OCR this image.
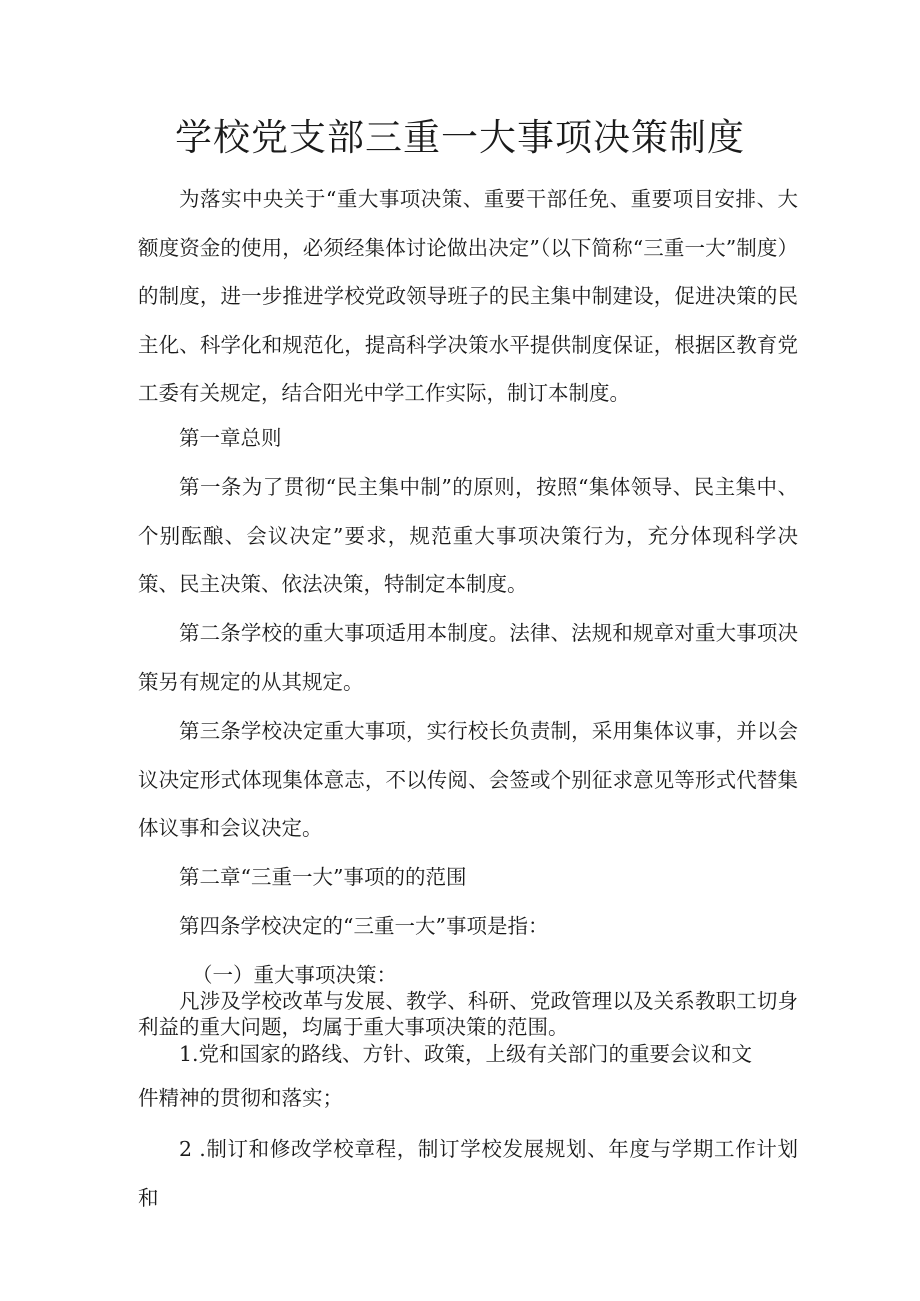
学校党支部三重一大事项决策制度

为落实中央关于“重大事项决策、重要干部任免、重要项目安排、大额度资金的使用，必须经集体讨论做出决定”（以下简称“三重一大”制度）的制度，进一步推进学校党政领导班子的民主集中制建设，促进决策的民主化、科学化和规范化，提高科学决策水平提供制度保证，根据区教育党工委有关规定，结合阳光中学工作实际，制订本制度。

第一章总则

第一条为了贯彻“民主集中制”的原则，按照“集体领导、民主集中、个别酝酿、会议决定”要求，规范重大事项决策行为，充分体现科学决策、民主决策、依法决策，特制定本制度。

第二条学校的重大事项适用本制度。法律、法规和规章对重大事项决策另有规定的从其规定。

第三条学校决定重大事项，实行校长负责制，采用集体议事，并以会议决定形式体现集体意志，不以传阅、会签或个别征求意见等形式代替集体议事和会议决定。

第二章“三重一大”事项的的范围

第四条学校决定的“三重一大”事项是指：

（一）重大事项决策：

凡涉及学校改革与发展、教学、科研、党政管理以及关系教职工切身利益的重大问题，均属于重大事项决策的范围。

1.党和国家的路线、方针、政策，上级有关部门的重要会议和文

件精神的贯彻和落实；

2 .制订和修改学校章程，制订学校发展规划、年度与学期工作计划和
